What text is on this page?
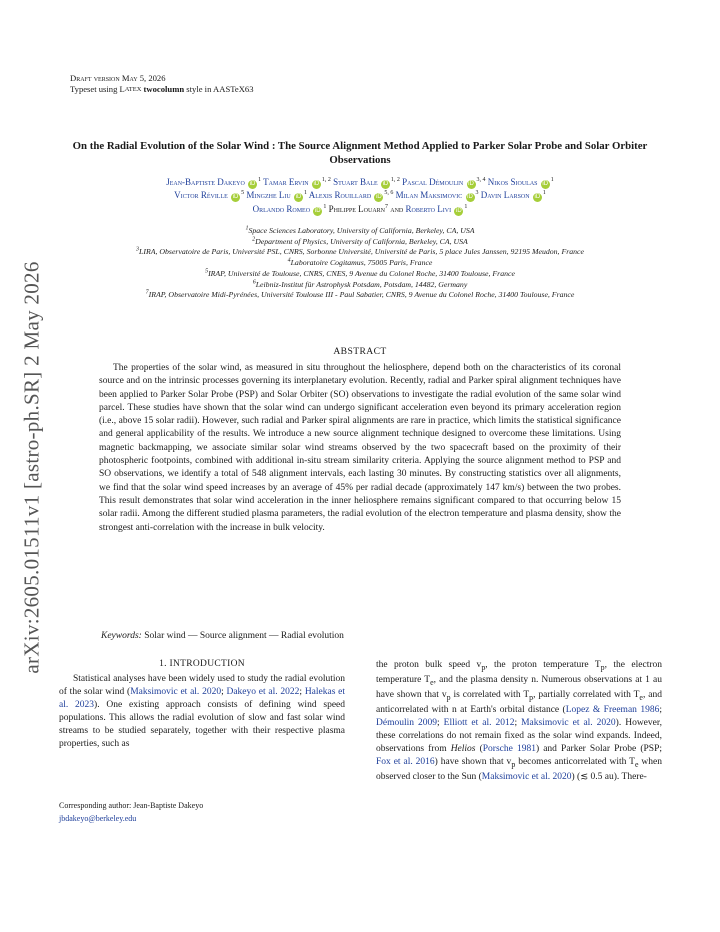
arXiv:2605.01511v1 [astro-ph.SR] 2 May 2026
Draft version May 5, 2026
Typeset using LATEX twocolumn style in AASTeX63
On the Radial Evolution of the Solar Wind : The Source Alignment Method Applied to Parker Solar Probe and Solar Orbiter Observations
Jean-Baptiste Dakeyo $iD^1$ Tamar Ervin iD$^{1, 2}$ Stuart Bale iD$^{1, 2}$ Pascal Démoulin iD$^{3, 4}$ Nikos Sioulas $iD^1$
Victor Réville $iD^5$ Mingzhe Liu $iD^1$ Alexis Rouillard iD$^{5, 6}$ Milan Maksimovic $iD^3$ Davin Larson $iD^1$
Orlando Romeo $iD^1$ Philippe Louarn$^7$ and Roberto Livi $iD^1$
$^1$Space Sciences Laboratory, University of California, Berkeley, CA, USA
$^2$Department of Physics, University of California, Berkeley, CA, USA
$^3$LIRA, Observatoire de Paris, Université PSL, CNRS, Sorbonne Université, Université de Paris, 5 place Jules Janssen, 92195 Meudon, France
$^4$Laboratoire Cogitamus, 75005 Paris, France
$^5$IRAP, Université de Toulouse, CNRS, CNES, 9 Avenue du Colonel Roche, 31400 Toulouse, France
$^6$Leibniz-Institut für Astrophysk Potsdam, Potsdam, 14482, Germany
$^7$IRAP, Observatoire Midi-Pyrénées, Université Toulouse III - Paul Sabatier, CNRS, 9 Avenue du Colonel Roche, 31400 Toulouse, France
ABSTRACT
The properties of the solar wind, as measured in situ throughout the heliosphere, depend both on the characteristics of its coronal source and on the intrinsic processes governing its interplanetary evolution. Recently, radial and Parker spiral alignment techniques have been applied to Parker Solar Probe (PSP) and Solar Orbiter (SO) observations to investigate the radial evolution of the same solar wind parcel. These studies have shown that the solar wind can undergo significant acceleration even beyond its primary acceleration region (i.e., above 15 solar radii). However, such radial and Parker spiral alignments are rare in practice, which limits the statistical significance and general applicability of the results. We introduce a new source alignment technique designed to overcome these limitations. Using magnetic backmapping, we associate similar solar wind streams observed by the two spacecraft based on the proximity of their photospheric footpoints, combined with additional in-situ stream similarity criteria. Applying the source alignment method to PSP and SO observations, we identify a total of 548 alignment intervals, each lasting 30 minutes. By constructing statistics over all alignments, we find that the solar wind speed increases by an average of 45% per radial decade (approximately 147 km/s) between the two probes. This result demonstrates that solar wind acceleration in the inner heliosphere remains significant compared to that occurring below 15 solar radii. Among the different studied plasma parameters, the radial evolution of the electron temperature and plasma density, show the strongest anti-correlation with the increase in bulk velocity.
Keywords: Solar wind — Source alignment — Radial evolution
1. INTRODUCTION
Statistical analyses have been widely used to study the radial evolution of the solar wind (Maksimovic et al. 2020; Dakeyo et al. 2022; Halekas et al. 2023). One existing approach consists of defining wind speed populations. This allows the radial evolution of slow and fast solar wind streams to be studied separately, together with their respective plasma properties, such as
the proton bulk speed $v_p$, the proton temperature $T_p$, the electron temperature $T_e$, and the plasma density n. Numerous observations at 1 au have shown that $v_p$ is correlated with $T_p$, partially correlated with $T_e$, and anticorrelated with n at Earth's orbital distance (Lopez & Freeman 1986; Démoulin 2009; Elliott et al. 2012; Maksimovic et al. 2020). However, these correlations do not remain fixed as the solar wind expands. Indeed, observations from Helios (Porsche 1981) and Parker Solar Probe (PSP; Fox et al. 2016) have shown that $v_p$ becomes anticorrelated with $T_e$ when observed closer to the Sun (Maksimovic et al. 2020) (≲ 0.5 au). There-
Corresponding author: Jean-Baptiste Dakeyo
jbdakeyo@berkeley.edu
